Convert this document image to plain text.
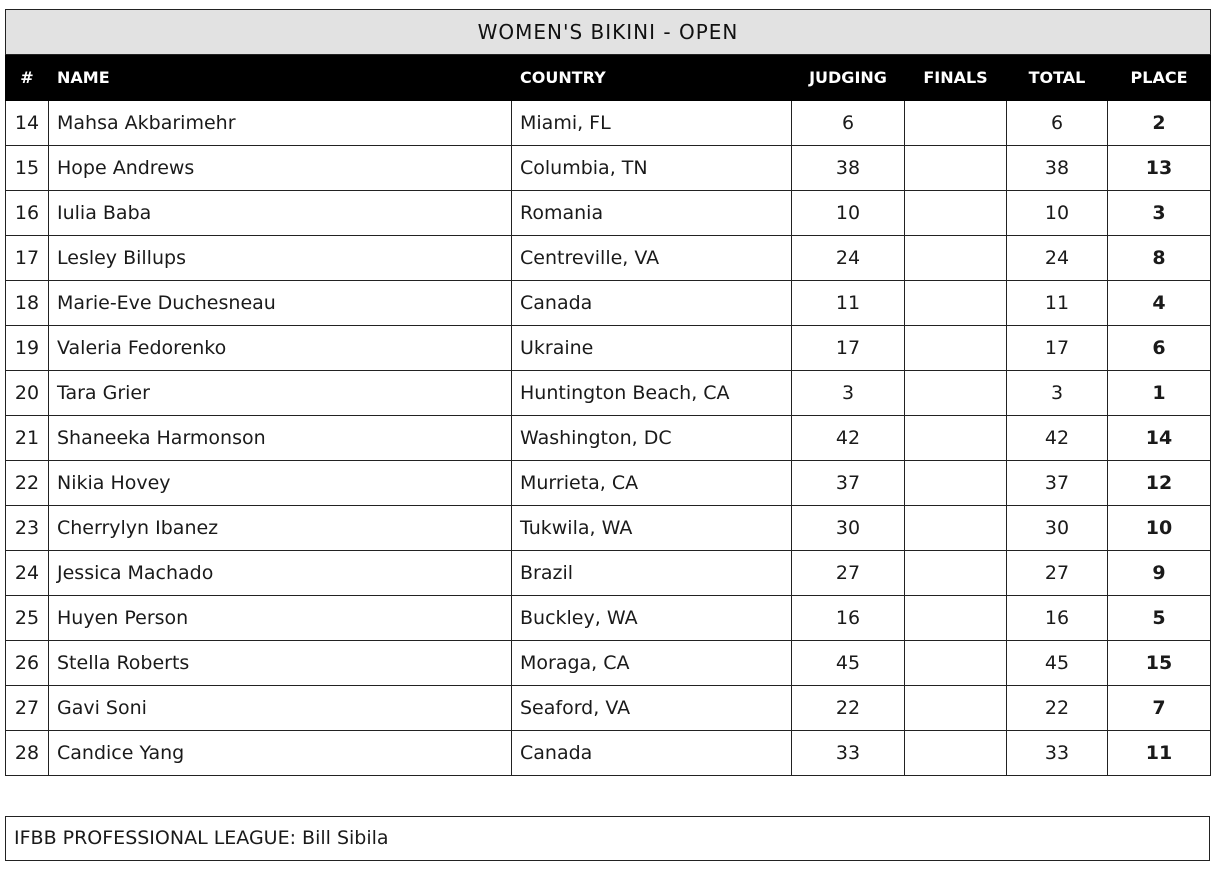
WOMEN'S BIKINI - OPEN						
#	NAME	COUNTRY	JUDGING	FINALS	TOTAL	PLACE
14	Mahsa Akbarimehr	Miami, FL	6		6	2
15	Hope Andrews	Columbia, TN	38		38	13
16	Iulia Baba	Romania	10		10	3
17	Lesley Billups	Centreville, VA	24		24	8
18	Marie-Eve Duchesneau	Canada	11		11	4
19	Valeria Fedorenko	Ukraine	17		17	6
20	Tara Grier	Huntington Beach, CA	3		3	1
21	Shaneeka Harmonson	Washington, DC	42		42	14
22	Nikia Hovey	Murrieta, CA	37		37	12
23	Cherrylyn Ibanez	Tukwila, WA	30		30	10
24	Jessica Machado	Brazil	27		27	9
25	Huyen Person	Buckley, WA	16		16	5
26	Stella Roberts	Moraga, CA	45		45	15
27	Gavi Soni	Seaford, VA	22		22	7
28	Candice Yang	Canada	33		33	11
IFBB PROFESSIONAL LEAGUE: Bill Sibila
